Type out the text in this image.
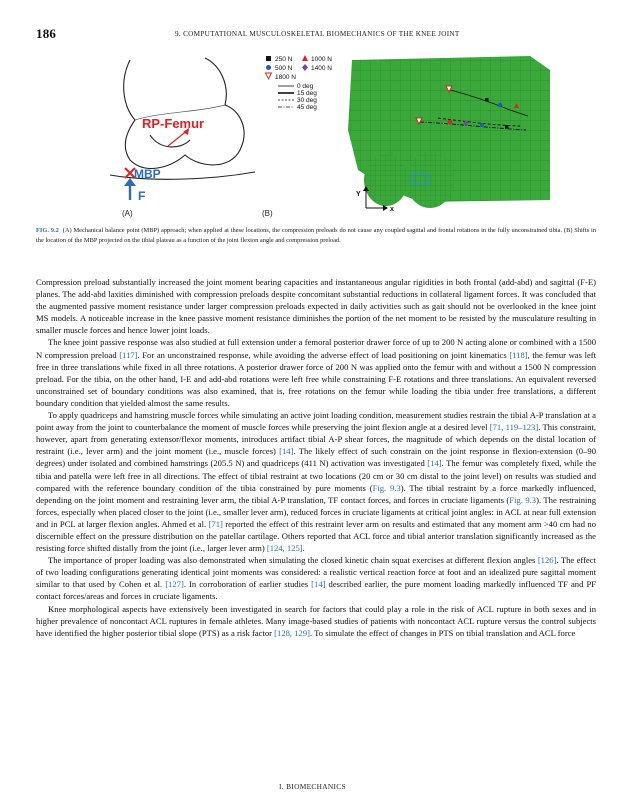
186	9. COMPUTATIONAL MUSCULOSKELETAL BIOMECHANICS OF THE KNEE JOINT
RP-Femur
MBP
F
(A)
250 N	1000 N
500 N	1400 N
1800 N
0 deg
15 deg
30 deg
45 deg
Y
x
(B)
FIG. 9.2 (A) Mechanical balance point (MBP) approach; when applied at these locations, the compression preloads do not cause any coupled sagittal and frontal rotations in the fully unconstrained tibia. (B) Shifts in the location of the MBP projected on the tibial plateau as a function of the joint flexion angle and compression preload.

Compression preload substantially increased the joint moment bearing capacities and instantaneous angular rigidities in both frontal (add-abd) and sagittal (F-E) planes. The add-abd laxities diminished with compression preloads despite concomitant substantial reductions in collateral ligament forces. It was concluded that the augmented passive moment resistance under larger compression preloads expected in daily activities such as gait should not be overlooked in the knee joint MS models. A noticeable increase in the knee passive moment resistance diminishes the portion of the net moment to be resisted by the musculature resulting in smaller muscle forces and hence lower joint loads.

The knee joint passive response was also studied at full extension under a femoral posterior drawer force of up to 200 N acting alone or combined with a 1500 N compression preload [117]. For an unconstrained response, while avoiding the adverse effect of load positioning on joint kinematics [118], the femur was left free in three translations while fixed in all three rotations. A posterior drawer force of 200 N was applied onto the femur with and without a 1500 N compression preload. For the tibia, on the other hand, I-E and add-abd rotations were left free while constraining F-E rotations and three translations. An equivalent reversed unconstrained set of boundary conditions was also examined, that is, free rotations on the femur while loading the tibia under free translations, a different boundary condition that yielded almost the same results.

To apply quadriceps and hamstring muscle forces while simulating an active joint loading condition, measurement studies restrain the tibial A-P translation at a point away from the joint to counterbalance the moment of muscle forces while preserving the joint flexion angle at a desired level [71, 119–123]. This constraint, however, apart from generating extensor/flexor moments, introduces artifact tibial A-P shear forces, the magnitude of which depends on the distal location of restraint (i.e., lever arm) and the joint moment (i.e., muscle forces) [14]. The likely effect of such constrain on the joint response in flexion-extension (0–90 degrees) under isolated and combined hamstrings (205.5 N) and quadriceps (411 N) activation was investigated [14]. The femur was completely fixed, while the tibia and patella were left free in all directions. The effect of tibial restraint at two locations (20 cm or 30 cm distal to the joint level) on results was studied and compared with the reference boundary condition of the tibia constrained by pure moments (Fig. 9.3). The tibial restraint by a force markedly influenced, depending on the joint moment and restraining lever arm, the tibial A-P translation, TF contact forces, and forces in cruciate ligaments (Fig. 9.3). The restraining forces, especially when placed closer to the joint (i.e., smaller lever arm), reduced forces in cruciate ligaments at critical joint angles: in ACL at near full extension and in PCL at larger flexion angles. Ahmed et al. [71] reported the effect of this restraint lever arm on results and estimated that any moment arm >40 cm had no discernible effect on the pressure distribution on the patellar cartilage. Others reported that ACL force and tibial anterior translation significantly increased as the resisting force shifted distally from the joint (i.e., larger lever arm) [124, 125].

The importance of proper loading was also demonstrated when simulating the closed kinetic chain squat exercises at different flexion angles [126]. The effect of two loading configurations generating identical joint moments was considered: a realistic vertical reaction force at foot and an idealized pure sagittal moment similar to that used by Cohen et al. [127]. In corroboration of earlier studies [14] described earlier, the pure moment loading markedly influenced TF and PF contact forces/areas and forces in cruciate ligaments.

Knee morphological aspects have extensively been investigated in search for factors that could play a role in the risk of ACL rupture in both sexes and in higher prevalence of noncontact ACL ruptures in female athletes. Many image-based studies of patients with noncontact ACL rupture versus the control subjects have identified the higher posterior tibial slope (PTS) as a risk factor [128, 129]. To simulate the effect of changes in PTS on tibial translation and ACL force

I. BIOMECHANICS
